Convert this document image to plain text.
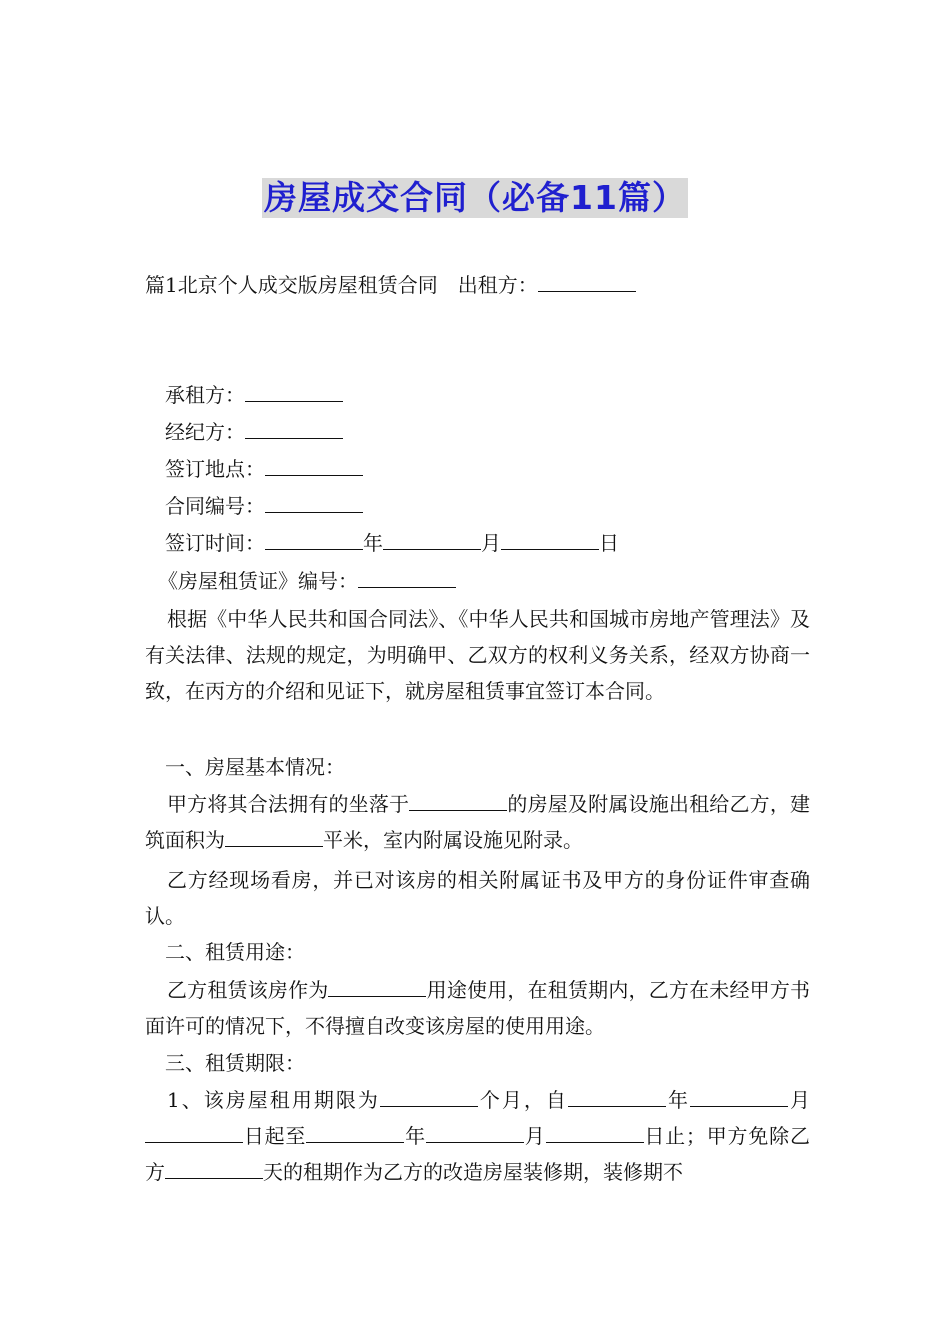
房屋成交合同（必备11篇）
篇1北京个人成交版房屋租赁合同　出租方：
承租方：
经纪方：
签订地点：
合同编号：
签订时间：	年	月	日
《房屋租赁证》编号：
根据《中华人民共和国合同法》、《中华人民共和国城市房地产管理法》及有关法律、法规的规定，为明确甲、乙双方的权利义务关系，经双方协商一致，在丙方的介绍和见证下，就房屋租赁事宜签订本合同。
一、房屋基本情况：
甲方将其合法拥有的坐落于	的房屋及附属设施出租给乙方，建筑面积为	平米，室内附属设施见附录。
乙方经现场看房，并已对该房的相关附属证书及甲方的身份证件审查确认。
二、租赁用途：
乙方租赁该房作为	用途使用，在租赁期内，乙方在未经甲方书面许可的情况下，不得擅自改变该房屋的使用用途。
三、租赁期限：
1、该房屋租用期限为	个月，自	年	月日起至	年	月	日止；甲方免除乙方	天的租期作为乙方的改造房屋装修期，装修期不
